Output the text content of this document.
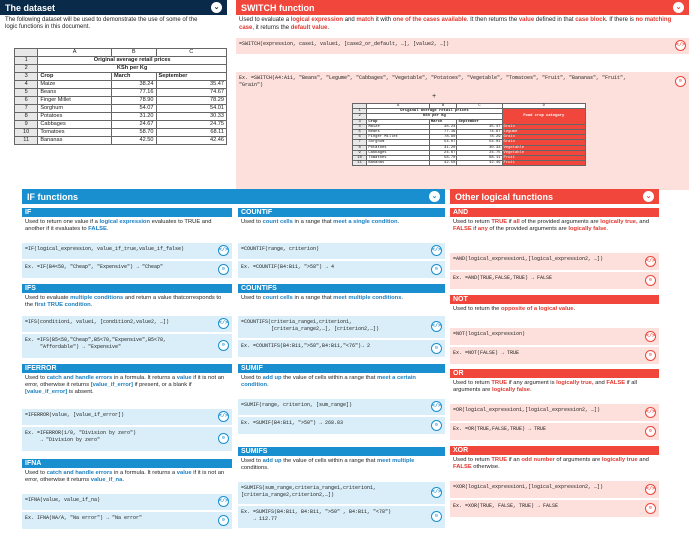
The dataset	⌄
The following dataset will be used to demonstrate the use of some of the logic functions in this document.
	A	B	C
1	Original average retail prices		
2	KSh per Kg		
3	Crop	March	September
4	Maize	38.24	35.47
5	Beans	77.16	74.67
6	Finger Millet	78.90	78.29
7	Sorghum	54.07	54.01
8	Potatoes	31.20	30.33
9	Cabbages	24.67	24.75
10	Tomatoes	58.70	68.11
11	Bananas	42.50	42.46
SWITCH function	⌄
Used to evaluate a logical expression and match it with one of the cases available. It then returns the value defined in that case block. If there is no matching case, it returns the default value.
=SWITCH(expression, case1, value1, [case2_or_default, …], [value2, …])	</>
Ex. =SWITCH(A4:A11, "Beans", "Legume", "Cabbages", "Vegetable", "Potatoes", "Vegetable", "Tomatoes", "Fruit", "Bananas", "Fruit", "Grain")
⚙
+
	A	B	C	D
1	Original average retail prices			Food crop category
2	KSh per Kg			
3	Crop	March	September	
4	Maize	38.24	35.47	Grain
5	Beans	77.16	74.67	Legume
6	Finger Millet	78.90	78.29	Grain
7	Sorghum	54.07	54.01	Grain
8	Potatoes	31.20	30.33	Vegetable
9	Cabbages	24.67	24.75	Vegetable
10	Tomatoes	58.70	68.11	Fruit
11	Bananas	42.50	42.46	Fruit
IF functions	⌄
IF
Used to return one value if a logical expression evaluates to TRUE and another if it evaluates to FALSE.
=IF(logical_expression, value_if_true,value_if_false)	</>
Ex. =IF(B4<50, "Cheap", "Expensive") → "Cheap"	⚙
IFS
Used to evaluate multiple conditions and return a value thatcorresponds to the first TRUE condition.
=IFS(condition1, value1, [condition2,value2, …])	</>
Ex. =IFS(B5<50,"Cheap",B5<70,"Expensive",B5<78,
"Affordable") → "Expensive"	⚙
IFERROR
Used to catch and handle errors in a formula. It returns a value if it is not an error, otherwise it returns [value_if_error] if present, or a blank if [value_if_error] is absent.
=IFERROR(value, [value_if_error])	</>
Ex. =IFERROR(1/0, "Division by zero")
→ "Division by zero"	⚙
IFNA
Used to catch and handle errors in a formula. It returns a value if it is not an error, otherwise it returns value_if_na.
=IFNA(value, value_if_na)	</>
Ex. IFNA(NA/A, "Na error") → "Na error"	⚙
COUNTIF
Used to count cells in a range that meet a single condition.
=COUNTIF(range, criterion)	</>
Ex. =COUNTIF(B4:B11, ">58") → 4	⚙
COUNTIFS
Used to count cells in a range that meet multiple conditions.
=COUNTIFS(criteria_range1,criterion1,
[criteria_range2,…], [criterion2,…])	</>
Ex. =COUNTIFS(B4:B11,">58",B4:B11,"<76")→ 2	⚙
SUMIF
Used to add up the value of cells within a range that meet a certain condition.
=SUMIF(range, criterion, [sum_range])	</>
Ex. =SUMIF(B4:B11, ">50") → 268.83	⚙
SUMIFS
Used to add up the value of cells within a range that meet multiple conditions.
=SUMIFS(sum_range,criteria_range1,criterion1,
[criteria_range2,criterion2,…])	</>
Ex. =SUMIFS(B4:B11, B4:B11, ">50" , B4:B11, "<78")
→ 112.77	⚙
Other logical functions	⌄
AND
Used to return TRUE if all of the provided arguments are logically true, and FALSE if any of the provided arguments are logically false.
=AND(logical_expression1,[logical_expression2, …])	</>
Ex. =AND(TRUE,FALSE,TRUE) → FALSE	⚙
NOT
Used to return the opposite of a logical value.
=NOT(logical_expression)	</>
Ex. =NOT(FALSE) → TRUE	⚙
OR
Used to return TRUE if any argument is logically true, and FALSE if all arguments are logically false.
=OR(logical_expression1,[logical_expression2, …])	</>
Ex. =OR(TRUE,FALSE,TRUE) → TRUE	⚙
XOR
Used to return TRUE if an odd number of arguments are logically true and FALSE otherwise.
=XOR(logical_expression1,[logical_expression2, …])	</>
Ex. =XOR(TRUE, FALSE, TRUE) → FALSE	⚙
